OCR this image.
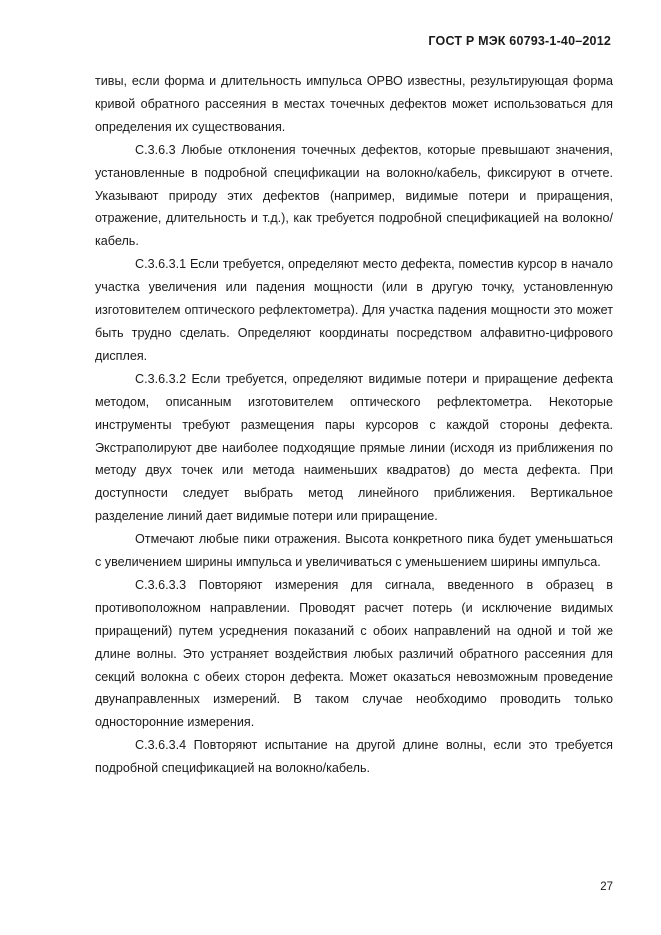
ГОСТ Р МЭК 60793-1-40–2012

тивы, если форма и длительность импульса ОРВО известны, результирующая форма кривой обратного рассеяния в местах точечных дефектов может использоваться для определения их существования.

C.3.6.3 Любые отклонения точечных дефектов, которые превышают значения, установленные в подробной спецификации на волокно/кабель, фиксируют в отчете. Указывают природу этих дефектов (например, видимые потери и приращения, отражение, длительность и т.д.), как требуется подробной спецификацией на волокно/кабель.

C.3.6.3.1 Если требуется, определяют место дефекта, поместив курсор в начало участка увеличения или падения мощности (или в другую точку, установленную изготовителем оптического рефлектометра). Для участка падения мощности это может быть трудно сделать. Определяют координаты посредством алфавитно-цифрового дисплея.

C.3.6.3.2 Если требуется, определяют видимые потери и приращение дефекта методом, описанным изготовителем оптического рефлектометра. Некоторые инструменты требуют размещения пары курсоров с каждой стороны дефекта. Экстраполируют две наиболее подходящие прямые линии (исходя из приближения по методу двух точек или метода наименьших квадратов) до места дефекта. При доступности следует выбрать метод линейного приближения. Вертикальное разделение линий дает видимые потери или приращение.

Отмечают любые пики отражения. Высота конкретного пика будет уменьшаться с увеличением ширины импульса и увеличиваться с уменьшением ширины импульса.

C.3.6.3.3 Повторяют измерения для сигнала, введенного в образец в противоположном направлении. Проводят расчет потерь (и исключение видимых приращений) путем усреднения показаний с обоих направлений на одной и той же длине волны. Это устраняет воздействия любых различий обратного рассеяния для секций волокна с обеих сторон дефекта. Может оказаться невозможным проведение двунаправленных измерений. В таком случае необходимо проводить только односторонние измерения.

C.3.6.3.4 Повторяют испытание на другой длине волны, если это требуется подробной спецификацией на волокно/кабель.

27
